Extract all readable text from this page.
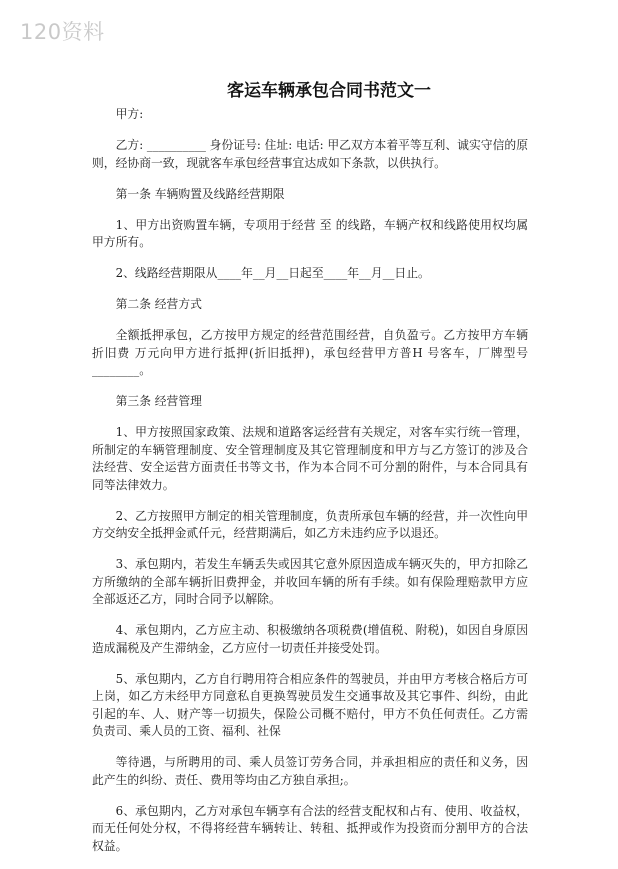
120资料
客运车辆承包合同书范文一

甲方:

乙方: __________ 身份证号: 住址: 电话: 甲乙双方本着平等互利、诚实守信的原则，经协商一致，现就客车承包经营事宜达成如下条款，以供执行。

第一条 车辆购置及线路经营期限

1、甲方出资购置车辆，专项用于经营 至 的线路，车辆产权和线路使用权均属甲方所有。

2、线路经营期限从____年__月__日起至____年__月__日止。

第二条 经营方式

全额抵押承包，乙方按甲方规定的经营范围经营，自负盈亏。乙方按甲方车辆折旧费 万元向甲方进行抵押(折旧抵押)，承包经营甲方普H 号客车，厂牌型号________。

第三条 经营管理

1、甲方按照国家政策、法规和道路客运经营有关规定，对客车实行统一管理，所制定的车辆管理制度、安全管理制度及其它管理制度和甲方与乙方签订的涉及合法经营、安全运营方面责任书等文书，作为本合同不可分割的附件，与本合同具有同等法律效力。

2、乙方按照甲方制定的相关管理制度，负责所承包车辆的经营，并一次性向甲方交纳安全抵押金贰仟元，经营期满后，如乙方未违约应予以退还。

3、承包期内，若发生车辆丢失或因其它意外原因造成车辆灭失的，甲方扣除乙方所缴纳的全部车辆折旧费押金，并收回车辆的所有手续。如有保险理赔款甲方应全部返还乙方，同时合同予以解除。

4、承包期内，乙方应主动、积极缴纳各项税费(增值税、附税)，如因自身原因造成漏税及产生滞纳金，乙方应付一切责任并接受处罚。

5、承包期内，乙方自行聘用符合相应条件的驾驶员，并由甲方考核合格后方可上岗，如乙方未经甲方同意私自更换驾驶员发生交通事故及其它事件、纠纷，由此引起的车、人、财产等一切损失，保险公司概不赔付，甲方不负任何责任。乙方需负责司、乘人员的工资、福利、社保

等待遇，与所聘用的司、乘人员签订劳务合同，并承担相应的责任和义务，因此产生的纠纷、责任、费用等均由乙方独自承担;。

6、承包期内，乙方对承包车辆享有合法的经营支配权和占有、使用、收益权，而无任何处分权，不得将经营车辆转让、转租、抵押或作为投资而分割甲方的合法权益。
